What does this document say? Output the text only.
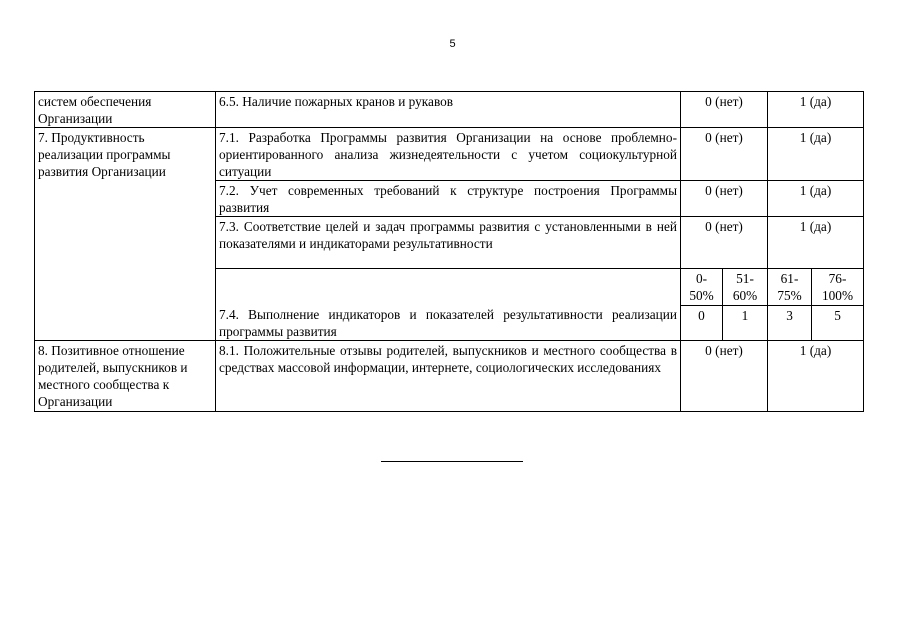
5
систем обеспечения Организации	6.5. Наличие пожарных кранов и рукавов	0 (нет)		1 (да)	
7. Продуктивность реализации программы развития Организации	7.1. Разработка Программы развития Организации на основе проблемно-ориентированного анализа жизнедеятельности с учетом социокультурной ситуации	0 (нет)		1 (да)	
	7.2. Учет современных требований к структуре построения Программы развития	0 (нет)		1 (да)	
	7.3. Соответствие целей и задач программы развития с установленными в ней показателями и индикаторами результативности	0 (нет)		1 (да)	
	7.4. Выполнение индикаторов и показателей результативности реализации программы развития	0-50%	51-60%	61-75%	76-100%
		0	1	3	5
8. Позитивное отношение родителей, выпускников и местного сообщества к Организации	8.1. Положительные отзывы родителей, выпускников и местного сообщества в средствах массовой информации, интернете, социологических исследованиях	0 (нет)		1 (да)	
